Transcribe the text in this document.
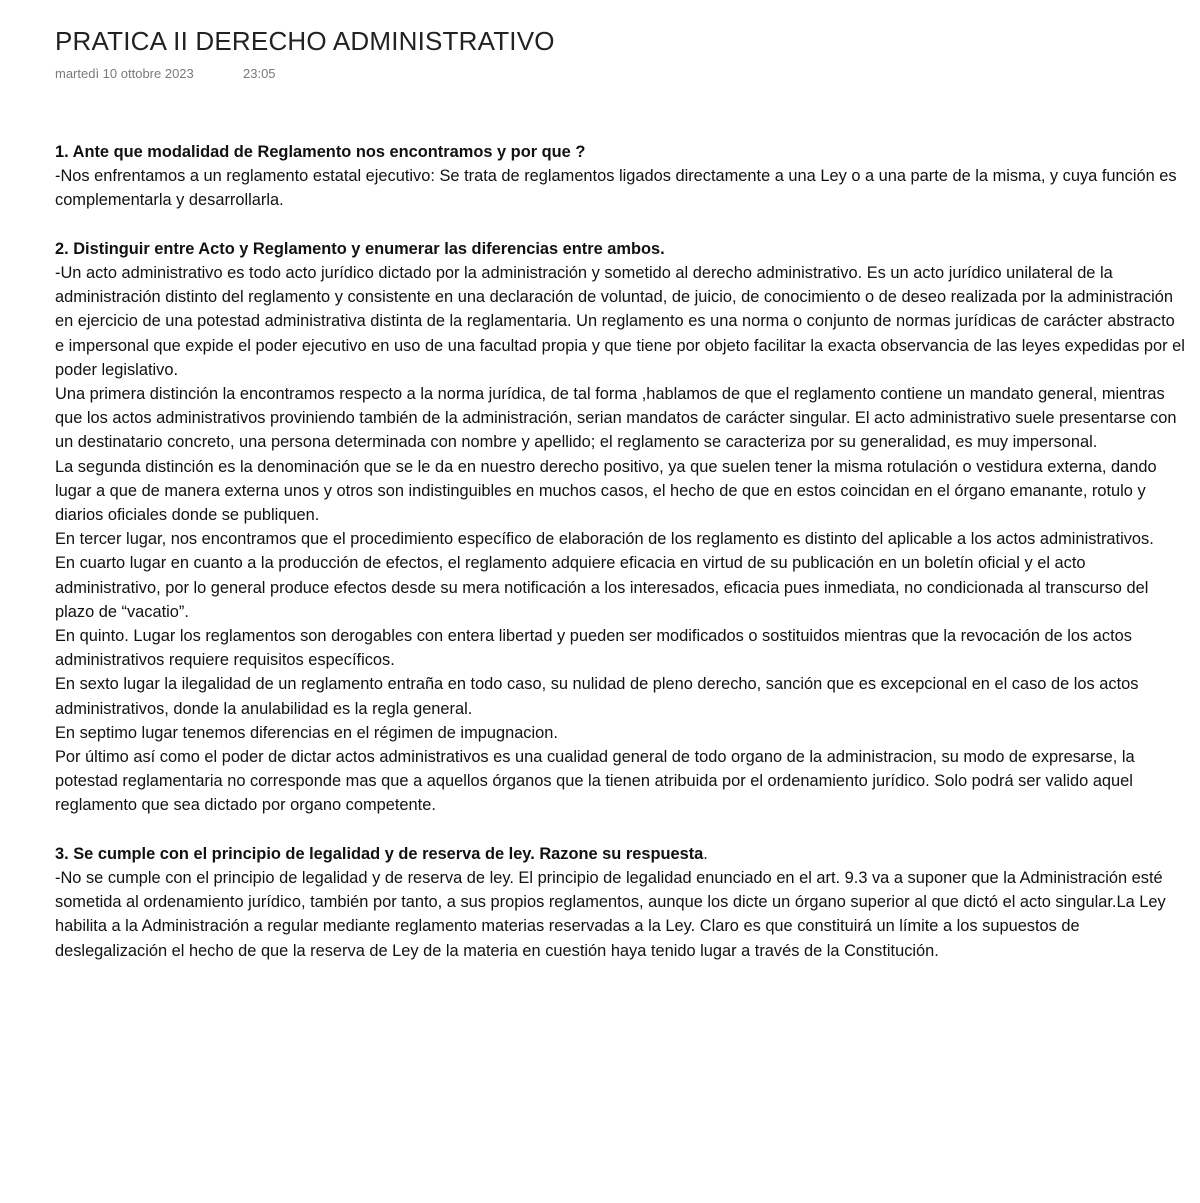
PRATICA II DERECHO ADMINISTRATIVO
martedì 10 ottobre 2023	23:05

1. Ante que modalidad de Reglamento nos encontramos y por que ?

-Nos enfrentamos a un reglamento estatal ejecutivo: Se trata de reglamentos ligados directamente a una Ley o a una parte de la misma, y cuya función es complementarla y desarrollarla.

2. Distinguir entre Acto y Reglamento y enumerar las diferencias entre ambos.

-Un acto administrativo es todo acto jurídico dictado por la administración y sometido al derecho administrativo. Es un acto jurídico unilateral de la administración distinto del reglamento y consistente en una declaración de voluntad, de juicio, de conocimiento o de deseo realizada por la administración en ejercicio de una potestad administrativa distinta de la reglamentaria. Un reglamento es una norma o conjunto de normas jurídicas de carácter abstracto e impersonal que expide el poder ejecutivo en uso de una facultad propia y que tiene por objeto facilitar la exacta observancia de las leyes expedidas por el poder legislativo.

Una primera distinción la encontramos respecto a la norma jurídica, de tal forma ,hablamos de que el reglamento contiene un mandato general, mientras que los actos administrativos proviniendo también de la administración, serian mandatos de carácter singular. El acto administrativo suele presentarse con un destinatario concreto, una persona determinada con nombre y apellido; el reglamento se caracteriza por su generalidad, es muy impersonal.

La segunda distinción es la denominación que se le da en nuestro derecho positivo, ya que suelen tener la misma rotulación o vestidura externa, dando lugar a que de manera externa unos y otros son indistinguibles en muchos casos, el hecho de que en estos coincidan en el órgano emanante, rotulo y diarios oficiales donde se publiquen.

En tercer lugar, nos encontramos que el procedimiento específico de elaboración de los reglamento es distinto del aplicable a los actos administrativos.

En cuarto lugar en cuanto a la producción de efectos, el reglamento adquiere eficacia en virtud de su publicación en un boletín oficial y el acto administrativo, por lo general produce efectos desde su mera notificación a los interesados, eficacia pues inmediata, no condicionada al transcurso del plazo de “vacatio”.

En quinto. Lugar los reglamentos son derogables con entera libertad y pueden ser modificados o sostituidos mientras que la revocación de los actos administrativos requiere requisitos específicos.

En sexto lugar la ilegalidad de un reglamento entraña en todo caso, su nulidad de pleno derecho, sanción que es excepcional en el caso de los actos administrativos, donde la anulabilidad es la regla general.

En septimo lugar tenemos diferencias en el régimen de impugnacion.

Por último así como el poder de dictar actos administrativos es una cualidad general de todo organo de la administracion, su modo de expresarse, la potestad reglamentaria no corresponde mas que a aquellos órganos que la tienen atribuida por el ordenamiento jurídico. Solo podrá ser valido aquel reglamento que sea dictado por organo competente.

3. Se cumple con el principio de legalidad y de reserva de ley. Razone su respuesta.

-No se cumple con el principio de legalidad y de reserva de ley. El principio de legalidad enunciado en el art. 9.3 va a suponer que la Administración esté sometida al ordenamiento jurídico, también por tanto, a sus propios reglamentos, aunque los dicte un órgano superior al que dictó el acto singular.La Ley habilita a la Administración a regular mediante reglamento materias reservadas a la Ley. Claro es que constituirá un límite a los supuestos de deslegalización el hecho de que la reserva de Ley de la materia en cuestión haya tenido lugar a través de la Constitución.
